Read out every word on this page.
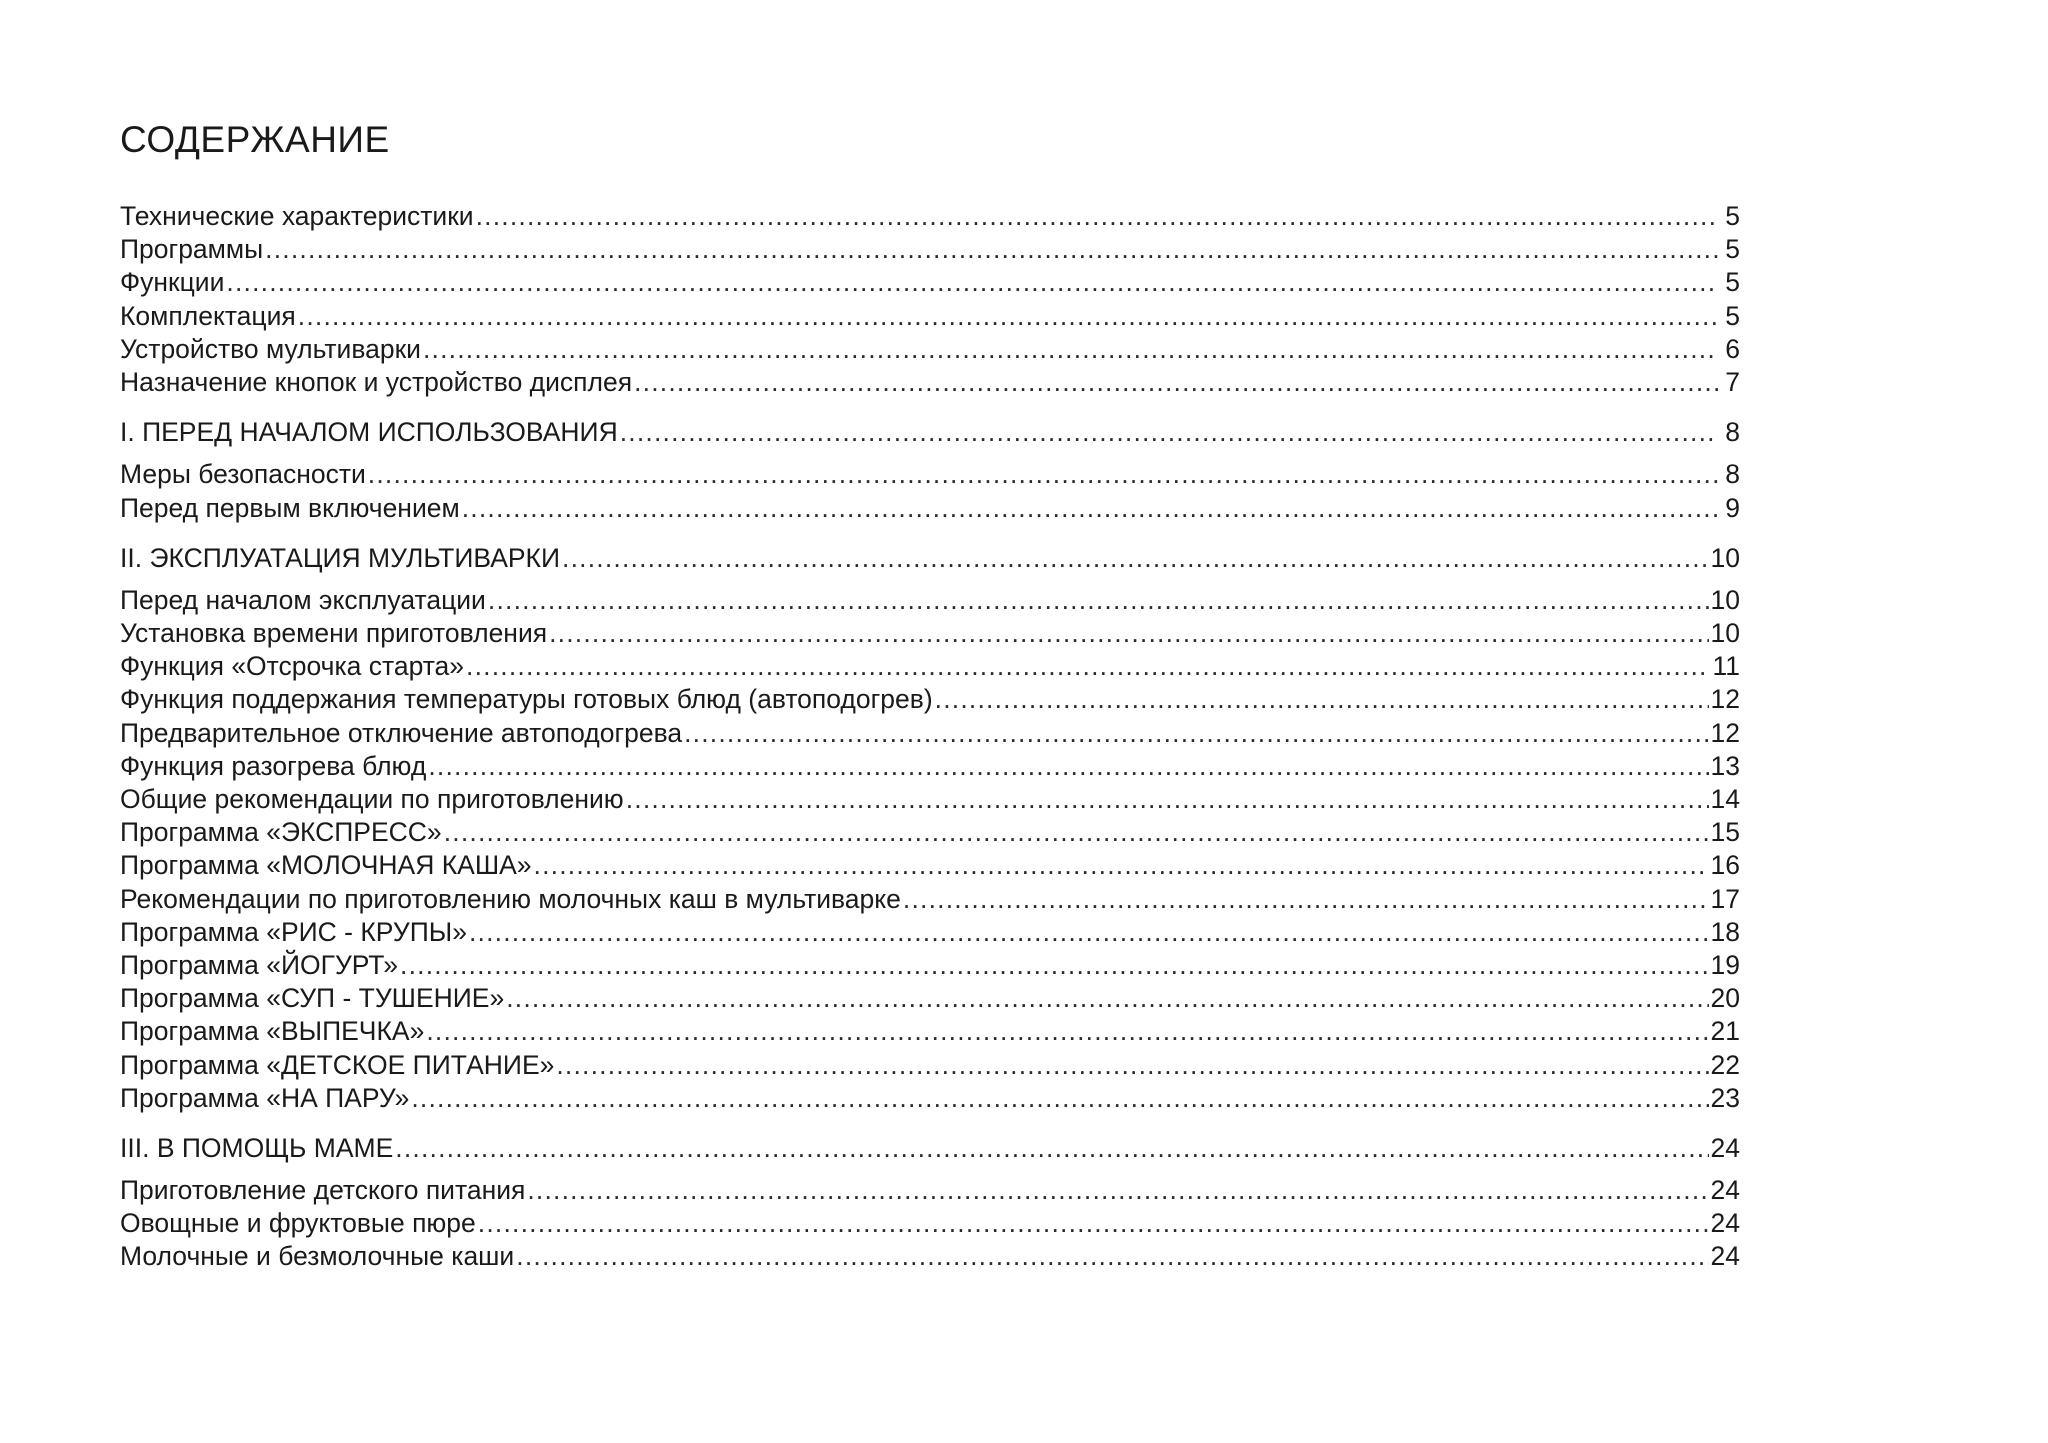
СОДЕРЖАНИЕ
Технические характеристики .....	5
Программы .....	5
Функции .....	5
Комплектация .....	5
Устройство мультиварки .....	6
Назначение кнопок и устройство дисплея .....	7
I. ПЕРЕД НАЧАЛОМ ИСПОЛЬЗОВАНИЯ .....	8
Меры безопасности .....	8
Перед первым включением .....	9
II. ЭКСПЛУАТАЦИЯ МУЛЬТИВАРКИ .....	10
Перед началом эксплуатации .....	10
Установка времени приготовления .....	10
Функция «Отсрочка старта» .....	11
Функция поддержания температуры готовых блюд (автоподогрев) .....	12
Предварительное отключение автоподогрева .....	12
Функция разогрева блюд .....	13
Общие рекомендации по приготовлению .....	14
Программа «ЭКСПРЕСС» .....	15
Программа «МОЛОЧНАЯ КАША» .....	16
Рекомендации по приготовлению молочных каш в мультиварке .....	17
Программа «РИС - КРУПЫ» .....	18
Программа «ЙОГУРТ» .....	19
Программа «СУП - ТУШЕНИЕ» .....	20
Программа «ВЫПЕЧКА» .....	21
Программа «ДЕТСКОЕ ПИТАНИЕ» .....	22
Программа «НА ПАРУ» .....	23
III. В ПОМОЩЬ МАМЕ .....	24
Приготовление детского питания .....	24
Овощные и фруктовые пюре .....	24
Молочные и безмолочные каши .....	24
